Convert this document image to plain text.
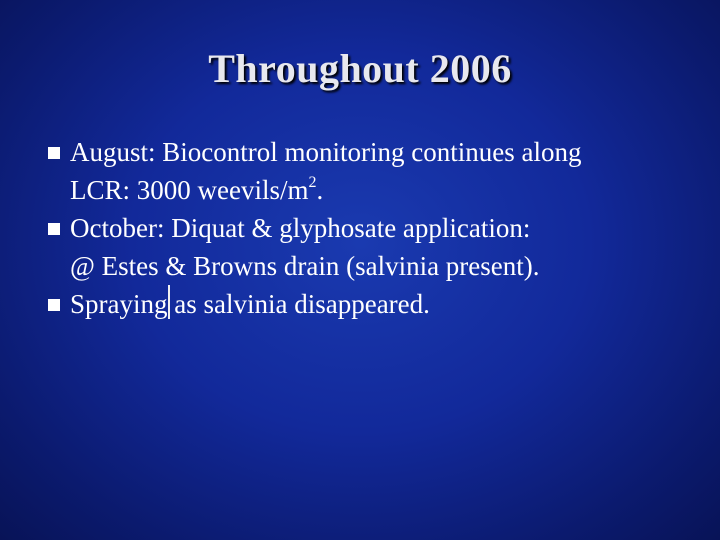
Throughout 2006
August: Biocontrol monitoring continues along
LCR: 3000 weevils/$m^2$.
October: Diquat & glyphosate application:
@ Estes & Browns drain (salvinia present).
Spraying as salvinia disappeared.
